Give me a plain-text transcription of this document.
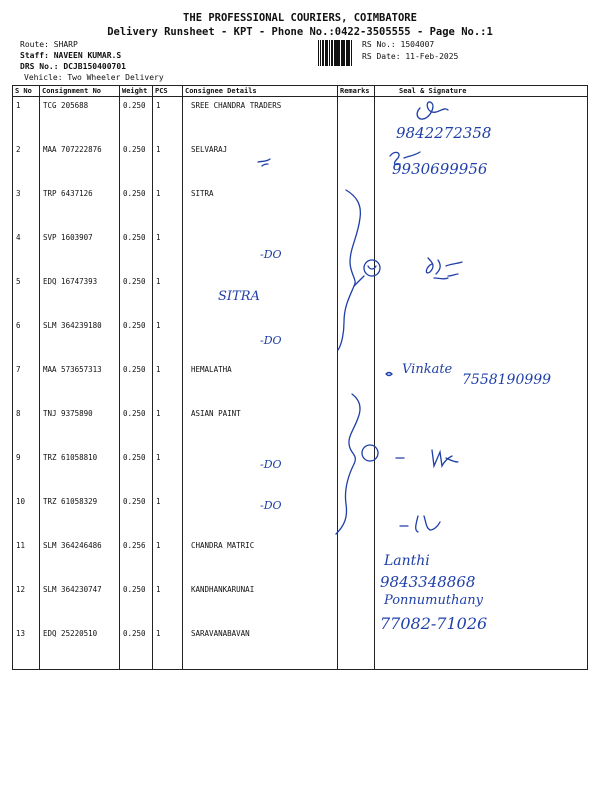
THE PROFESSIONAL COURIERS, COIMBATORE
Delivery Runsheet - KPT - Phone No.:0422-3505555 - Page No.:1
Route: SHARP
Staff: NAVEEN KUMAR.S
DRS No.: DCJB150400701
Vehicle: Two Wheeler Delivery
RS No.: 1504007
RS Date: 11-Feb-2025
S No	Consignment No	Weight	PCS	Consignee Details	Remarks	Seal & Signature
1	TCG 205688	0.250	1	SREE CHANDRA TRADERS		
2	MAA 707222876	0.250	1	SELVARAJ		
3	TRP 6437126	0.250	1	SITRA		
4	SVP 1603907	0.250	1			
5	EDQ 16747393	0.250	1			
6	SLM 364239180	0.250	1			
7	MAA 573657313	0.250	1	HEMALATHA		
8	TNJ 9375890	0.250	1	ASIAN PAINT		
9	TRZ 61058810	0.250	1			
10	TRZ 61058329	0.250	1			
11	SLM 364246486	0.256	1	CHANDRA MATRIC		
12	SLM 364230747	0.250	1	KANDHANKARUNAI		
13	EDQ 25220510	0.250	1	SARAVANABAVAN		
9842272358
9930699956
-DO
SITRA
-DO
Vinkate
7558190999
-DO
-DO
Lanthi
9843348868
Ponnumuthany
77082-71026
